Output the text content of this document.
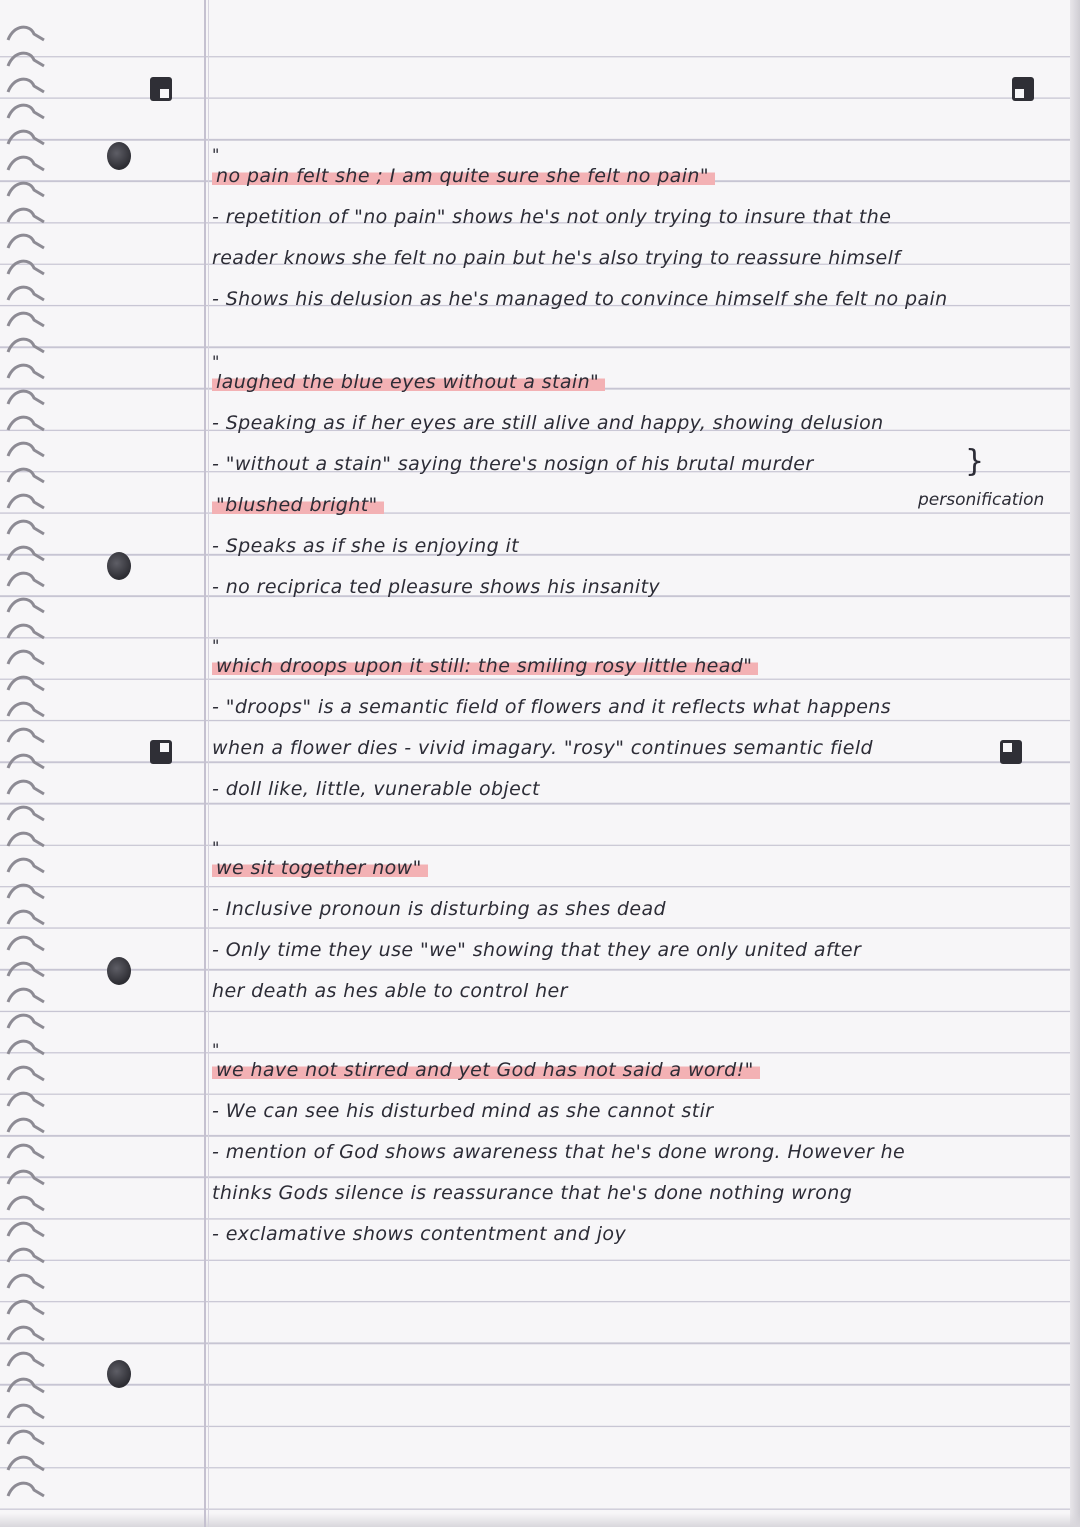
"
no pain felt she ; I am quite sure she felt no pain"
- repetition of "no pain" shows he's not only trying to insure that the
reader knows she felt no pain but he's also trying to reassure himself
- Shows his delusion as he's managed to convince himself she felt no pain
"
laughed the blue eyes without a stain"
- Speaking as if her eyes are still alive and happy, showing delusion
- "without a stain" saying there's nosign of his brutal murder	}
"blushed bright"	personification
- Speaks as if she is enjoying it
- no reciprica ted pleasure shows his insanity
"
which droops upon it still: the smiling rosy little head"
- "droops" is a semantic field of flowers and it reflects what happens
when a flower dies - vivid imagary. "rosy" continues semantic field
- doll like, little, vunerable object
"
we sit together now"
- Inclusive pronoun is disturbing as shes dead
- Only time they use "we" showing that they are only united after
her death as hes able to control her
"
we have not stirred and yet God has not said a word!"
- We can see his disturbed mind as she cannot stir
- mention of God shows awareness that he's done wrong. However he
thinks Gods silence is reassurance that he's done nothing wrong
- exclamative shows contentment and joy
